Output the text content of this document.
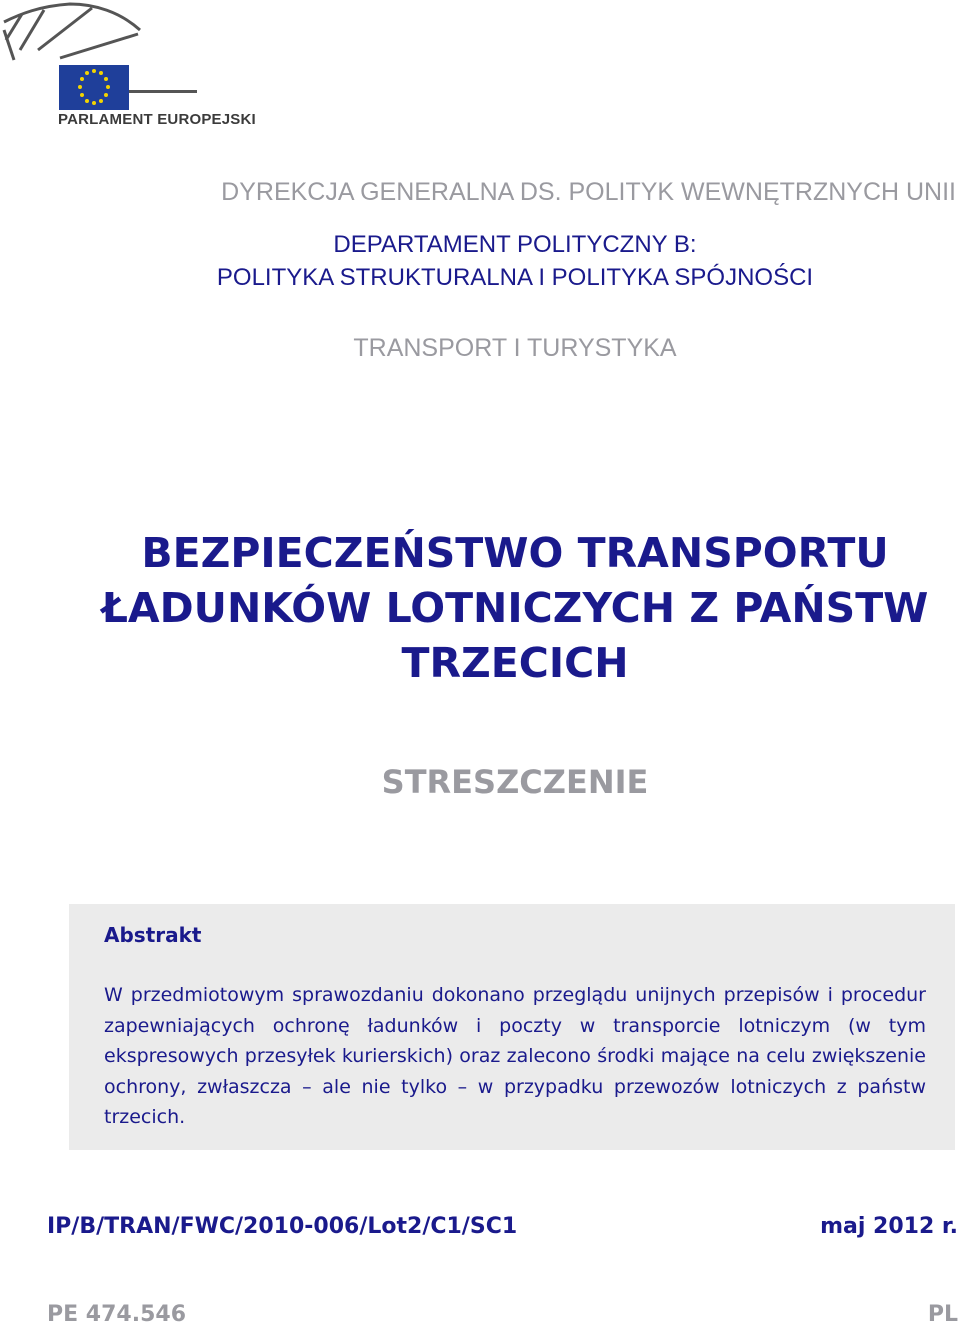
PARLAMENT EUROPEJSKI
DYREKCJA GENERALNA DS. POLITYK WEWNĘTRZNYCH UNII
DEPARTAMENT POLITYCZNY B:
POLITYKA STRUKTURALNA I POLITYKA SPÓJNOŚCI
TRANSPORT I TURYSTYKA
BEZPIECZEŃSTWO TRANSPORTU
ŁADUNKÓW LOTNICZYCH Z PAŃSTW
TRZECICH
STRESZCZENIE
Abstrakt
W przedmiotowym sprawozdaniu dokonano przeglądu unijnych przepisów i procedur zapewniających ochronę ładunków i poczty w transporcie lotniczym (w tym ekspresowych przesyłek kurierskich) oraz zalecono środki mające na celu zwiększenie ochrony, zwłaszcza – ale nie tylko – w przypadku przewozów lotniczych z państw trzecich.
IP/B/TRAN/FWC/2010-006/Lot2/C1/SC1	maj 2012 r.
PE 474.546	PL
